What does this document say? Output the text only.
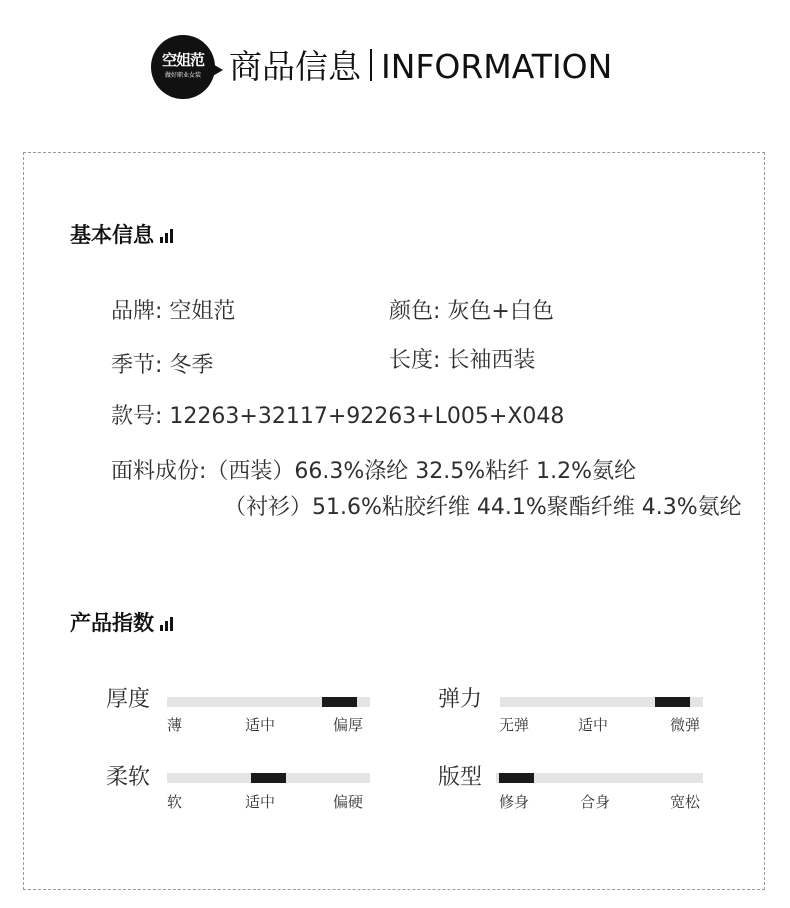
空姐范
做好职业女装 商品信息 INFORMATION
基本信息
品牌: 空姐范	颜色: 灰色+白色
季节: 冬季	长度: 长袖西装
款号: 12263+32117+92263+L005+X048
面料成份:（西装）66.3%涤纶 32.5%粘纤 1.2%氨纶
（衬衫）51.6%粘胶纤维 44.1%聚酯纤维 4.3%氨纶
产品指数
厚度
薄	适中	偏厚
弹力
无弹	适中	微弹
柔软
软	适中	偏硬
版型
修身	合身	宽松
